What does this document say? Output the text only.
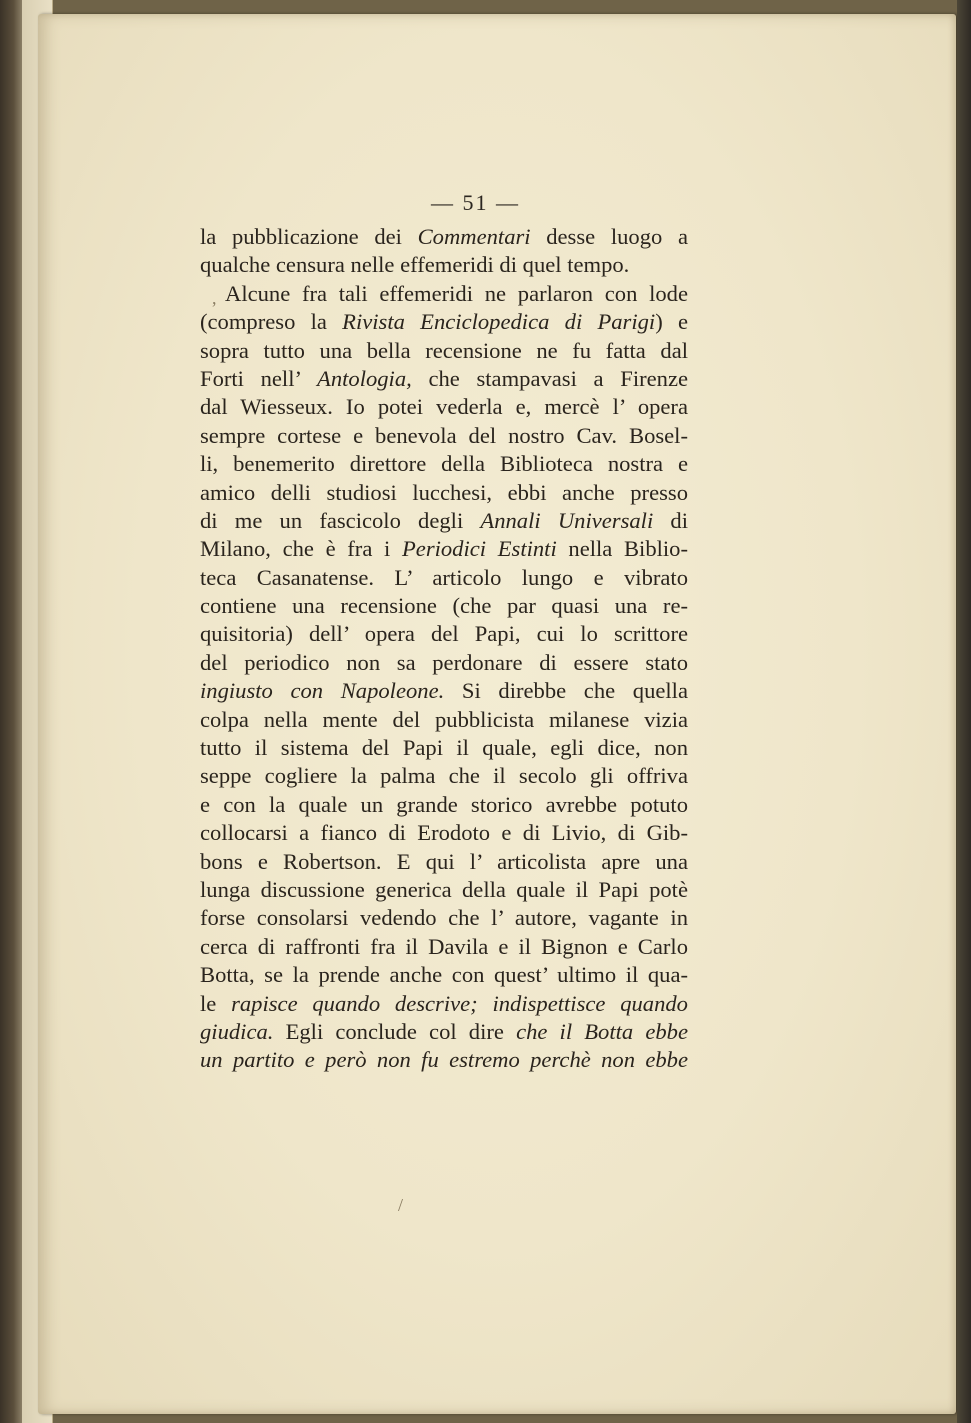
— 51 —
la pubblicazione dei Commentari desse luogo a
qualche censura nelle effemeridi di quel tempo.
Alcune fra tali effemeridi ne parlaron con lode
(compreso la Rivista Enciclopedica di Parigi) e
sopra tutto una bella recensione ne fu fatta dal
Forti nell’ Antologia, che stampavasi a Firenze
dal Wiesseux. Io potei vederla e, mercè l’ opera
sempre cortese e benevola del nostro Cav. Bosel-
li, benemerito direttore della Biblioteca nostra e
amico delli studiosi lucchesi, ebbi anche presso
di me un fascicolo degli Annali Universali di
Milano, che è fra i Periodici Estinti nella Biblio-
teca Casanatense. L’ articolo lungo e vibrato
contiene una recensione (che par quasi una re-
quisitoria) dell’ opera del Papi, cui lo scrittore
del periodico non sa perdonare di essere stato
ingiusto con Napoleone. Si direbbe che quella
colpa nella mente del pubblicista milanese vizia
tutto il sistema del Papi il quale, egli dice, non
seppe cogliere la palma che il secolo gli offriva
e con la quale un grande storico avrebbe potuto
collocarsi a fianco di Erodoto e di Livio, di Gib-
bons e Robertson. E qui l’ articolista apre una
lunga discussione generica della quale il Papi potè
forse consolarsi vedendo che l’ autore, vagante in
cerca di raffronti fra il Davila e il Bignon e Carlo
Botta, se la prende anche con quest’ ultimo il qua-
le rapisce quando descrive; indispettisce quando
giudica. Egli conclude col dire che il Botta ebbe
un partito e però non fu estremo perchè non ebbe
,
/
